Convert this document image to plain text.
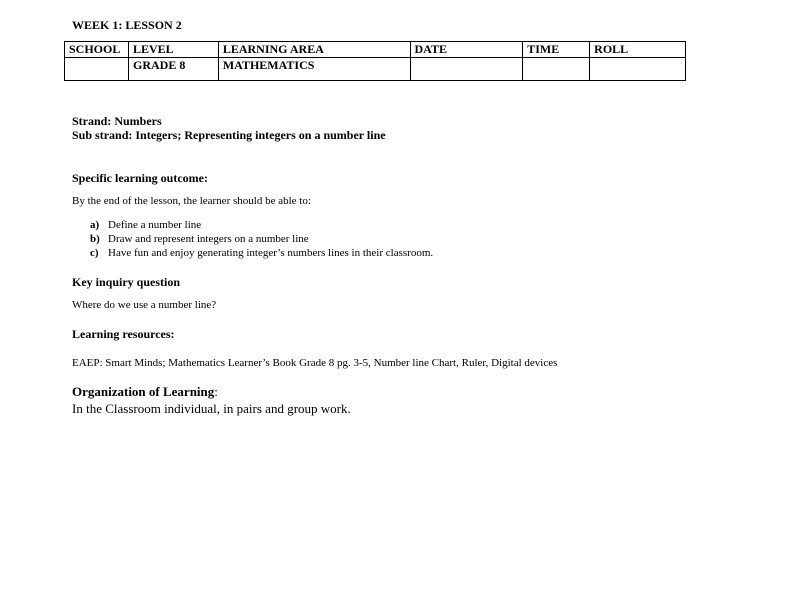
WEEK 1: LESSON 2
SCHOOL	LEVEL	LEARNING AREA	DATE	TIME	ROLL
	GRADE 8	MATHEMATICS			
Strand: Numbers
Sub strand: Integers; Representing integers on a number line
Specific learning outcome:
By the end of the lesson, the learner should be able to:
a) Define a number line
b) Draw and represent integers on a number line
c) Have fun and enjoy generating integer’s numbers lines in their classroom.
Key inquiry question
Where do we use a number line?
Learning resources:
EAEP: Smart Minds; Mathematics Learner’s Book Grade 8 pg. 3-5, Number line Chart, Ruler, Digital devices
Organization of Learning:
In the Classroom individual, in pairs and group work.
